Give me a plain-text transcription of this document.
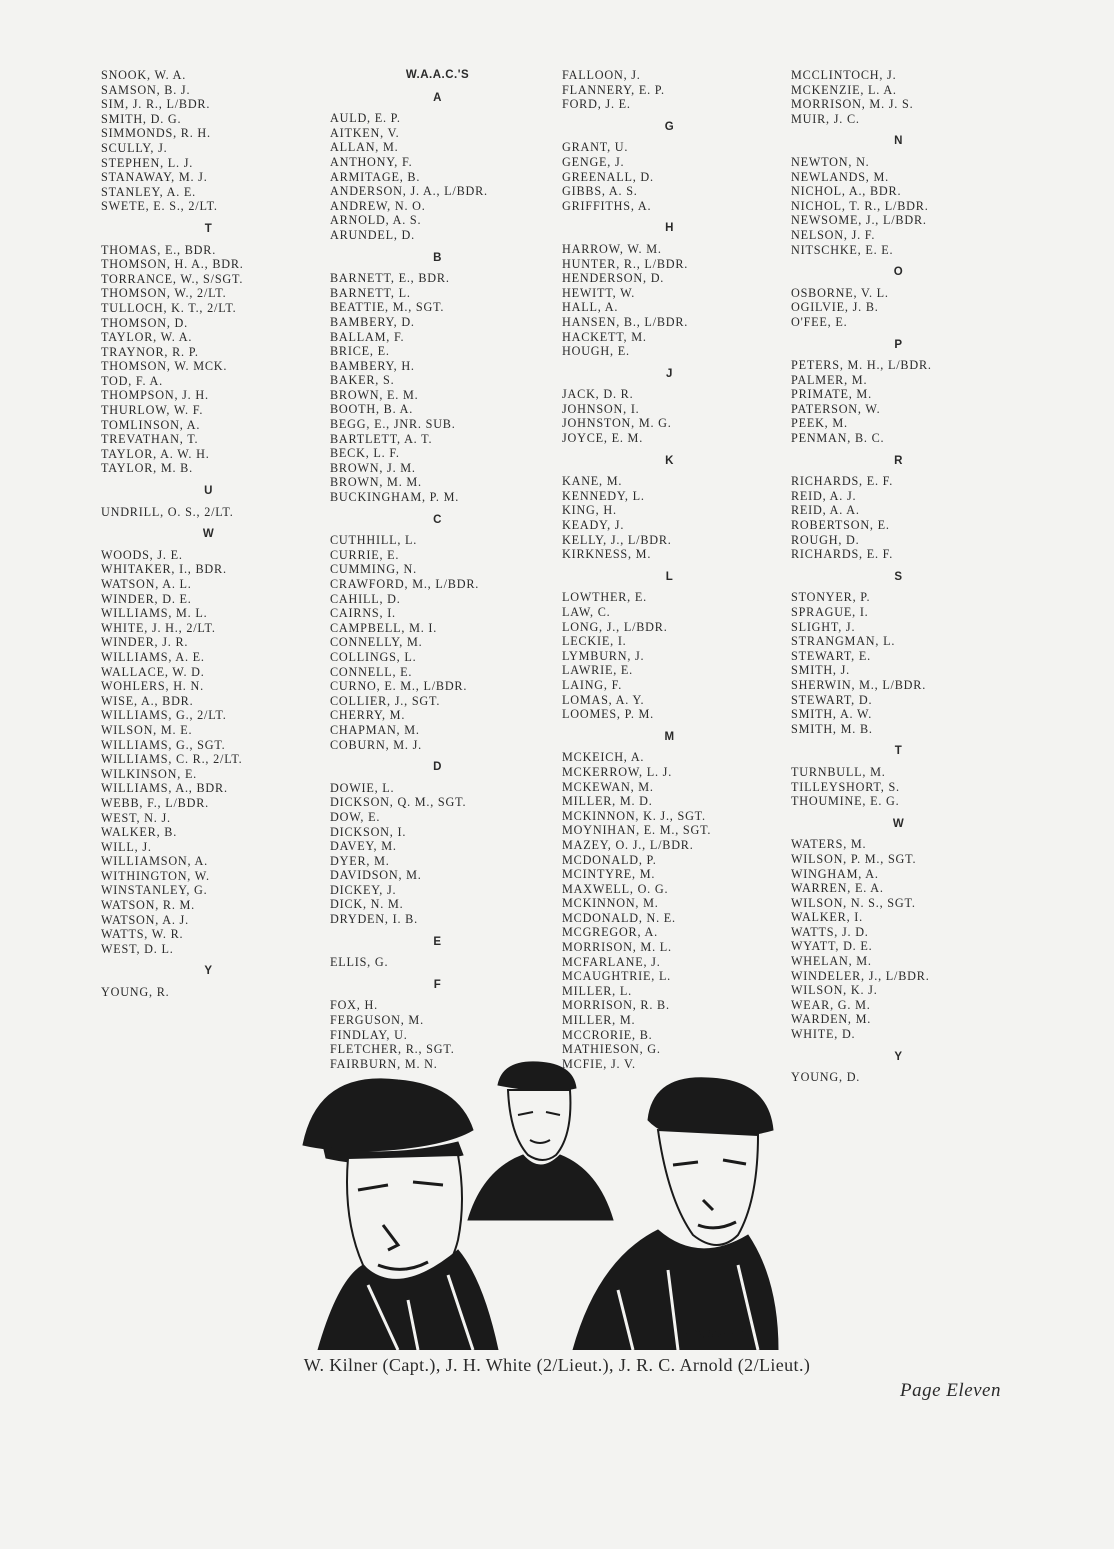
SNOOK, W. A.
SAMSON, B. J.
SIM, J. R., L/BDR.
SMITH, D. G.
SIMMONDS, R. H.
SCULLY, J.
STEPHEN, L. J.
STANAWAY, M. J.
STANLEY, A. E.
SWETE, E. S., 2/LT.
T
THOMAS, E., BDR.
THOMSON, H. A., BDR.
TORRANCE, W., S/SGT.
THOMSON, W., 2/LT.
TULLOCH, K. T., 2/LT.
THOMSON, D.
TAYLOR, W. A.
TRAYNOR, R. P.
THOMSON, W. MCK.
TOD, F. A.
THOMPSON, J. H.
THURLOW, W. F.
TOMLINSON, A.
TREVATHAN, T.
TAYLOR, A. W. H.
TAYLOR, M. B.
U
UNDRILL, O. S., 2/LT.
W
WOODS, J. E.
WHITAKER, I., BDR.
WATSON, A. L.
WINDER, D. E.
WILLIAMS, M. L.
WHITE, J. H., 2/LT.
WINDER, J. R.
WILLIAMS, A. E.
WALLACE, W. D.
WOHLERS, H. N.
WISE, A., BDR.
WILLIAMS, G., 2/LT.
WILSON, M. E.
WILLIAMS, G., SGT.
WILLIAMS, C. R., 2/LT.
WILKINSON, E.
WILLIAMS, A., BDR.
WEBB, F., L/BDR.
WEST, N. J.
WALKER, B.
WILL, J.
WILLIAMSON, A.
WITHINGTON, W.
WINSTANLEY, G.
WATSON, R. M.
WATSON, A. J.
WATTS, W. R.
WEST, D. L.
Y
YOUNG, R.
W.A.A.C.'S
A
AULD, E. P.
AITKEN, V.
ALLAN, M.
ANTHONY, F.
ARMITAGE, B.
ANDERSON, J. A., L/BDR.
ANDREW, N. O.
ARNOLD, A. S.
ARUNDEL, D.
B
BARNETT, E., BDR.
BARNETT, L.
BEATTIE, M., SGT.
BAMBERY, D.
BALLAM, F.
BRICE, E.
BAMBERY, H.
BAKER, S.
BROWN, E. M.
BOOTH, B. A.
BEGG, E., JNR. SUB.
BARTLETT, A. T.
BECK, L. F.
BROWN, J. M.
BROWN, M. M.
BUCKINGHAM, P. M.
C
CUTHHILL, L.
CURRIE, E.
CUMMING, N.
CRAWFORD, M., L/BDR.
CAHILL, D.
CAIRNS, I.
CAMPBELL, M. I.
CONNELLY, M.
COLLINGS, L.
CONNELL, E.
CURNO, E. M., L/BDR.
COLLIER, J., SGT.
CHERRY, M.
CHAPMAN, M.
COBURN, M. J.
D
DOWIE, L.
DICKSON, Q. M., SGT.
DOW, E.
DICKSON, I.
DAVEY, M.
DYER, M.
DAVIDSON, M.
DICKEY, J.
DICK, N. M.
DRYDEN, I. B.
E
ELLIS, G.
F
FOX, H.
FERGUSON, M.
FINDLAY, U.
FLETCHER, R., SGT.
FAIRBURN, M. N.
FALLOON, J.
FLANNERY, E. P.
FORD, J. E.
G
GRANT, U.
GENGE, J.
GREENALL, D.
GIBBS, A. S.
GRIFFITHS, A.
H
HARROW, W. M.
HUNTER, R., L/BDR.
HENDERSON, D.
HEWITT, W.
HALL, A.
HANSEN, B., L/BDR.
HACKETT, M.
HOUGH, E.
J
JACK, D. R.
JOHNSON, I.
JOHNSTON, M. G.
JOYCE, E. M.
K
KANE, M.
KENNEDY, L.
KING, H.
KEADY, J.
KELLY, J., L/BDR.
KIRKNESS, M.
L
LOWTHER, E.
LAW, C.
LONG, J., L/BDR.
LECKIE, I.
LYMBURN, J.
LAWRIE, E.
LAING, F.
LOMAS, A. Y.
LOOMES, P. M.
M
MCKEICH, A.
MCKERROW, L. J.
MCKEWAN, M.
MILLER, M. D.
MCKINNON, K. J., SGT.
MOYNIHAN, E. M., SGT.
MAZEY, O. J., L/BDR.
MCDONALD, P.
MCINTYRE, M.
MAXWELL, O. G.
MCKINNON, M.
MCDONALD, N. E.
MCGREGOR, A.
MORRISON, M. L.
MCFARLANE, J.
MCAUGHTRIE, L.
MILLER, L.
MORRISON, R. B.
MILLER, M.
MCCRORIE, B.
MATHIESON, G.
MCFIE, J. V.
MCCLINTOCH, J.
MCKENZIE, L. A.
MORRISON, M. J. S.
MUIR, J. C.
N
NEWTON, N.
NEWLANDS, M.
NICHOL, A., BDR.
NICHOL, T. R., L/BDR.
NEWSOME, J., L/BDR.
NELSON, J. F.
NITSCHKE, E. E.
O
OSBORNE, V. L.
OGILVIE, J. B.
O'FEE, E.
P
PETERS, M. H., L/BDR.
PALMER, M.
PRIMATE, M.
PATERSON, W.
PEEK, M.
PENMAN, B. C.
R
RICHARDS, E. F.
REID, A. J.
REID, A. A.
ROBERTSON, E.
ROUGH, D.
RICHARDS, E. F.
S
STONYER, P.
SPRAGUE, I.
SLIGHT, J.
STRANGMAN, L.
STEWART, E.
SMITH, J.
SHERWIN, M., L/BDR.
STEWART, D.
SMITH, A. W.
SMITH, M. B.
T
TURNBULL, M.
TILLEYSHORT, S.
THOUMINE, E. G.
W
WATERS, M.
WILSON, P. M., SGT.
WINGHAM, A.
WARREN, E. A.
WILSON, N. S., SGT.
WALKER, I.
WATTS, J. D.
WYATT, D. E.
WHELAN, M.
WINDELER, J., L/BDR.
WILSON, K. J.
WEAR, G. M.
WARDEN, M.
WHITE, D.
Y
YOUNG, D.
LES. STEEL
W. Kilner (Capt.), J. H. White (2/Lieut.), J. R. C. Arnold (2/Lieut.)
Page Eleven
